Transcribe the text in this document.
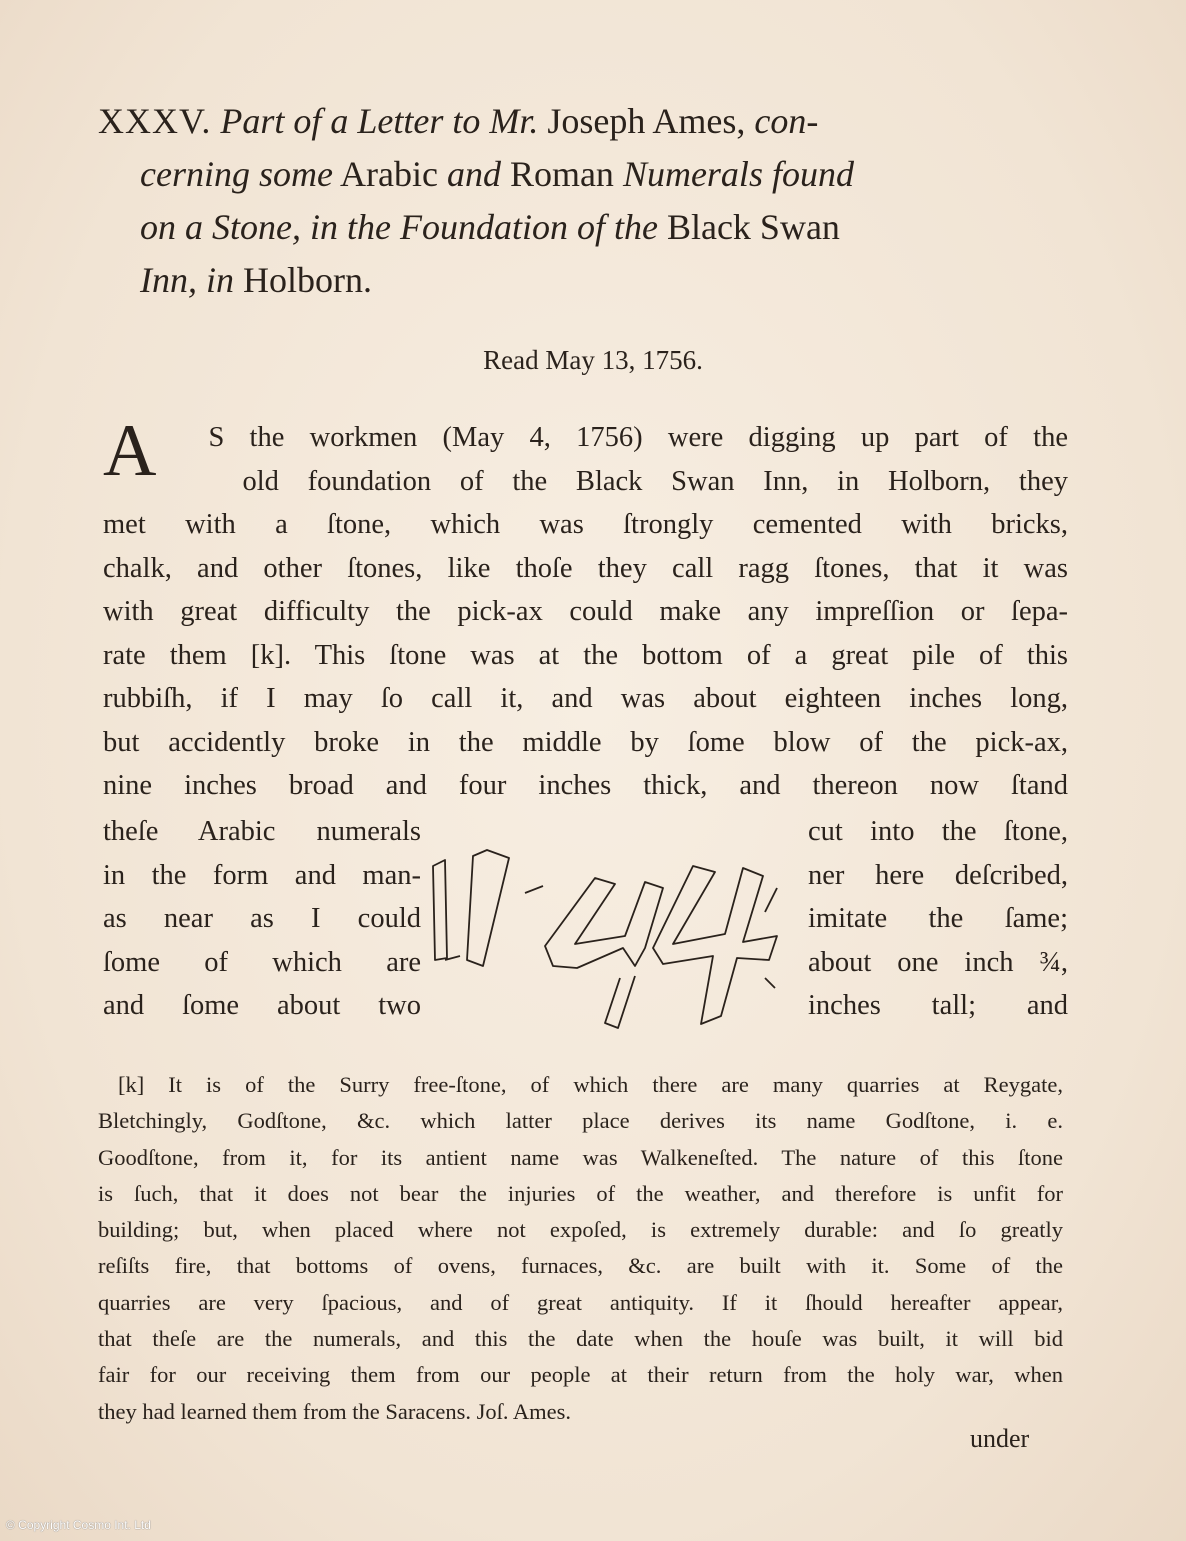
XXXV. Part of a Letter to Mr. Joseph Ames, con-
cerning some Arabic and Roman Numerals found
on a Stone, in the Foundation of the Black Swan
Inn, in Holborn.
Read May 13, 1756.
A S the workmen (May 4, 1756) were digging up part of the
old foundation of the Black Swan Inn, in Holborn, they
met with a ſtone, which was ſtrongly cemented with bricks,
chalk, and other ſtones, like thoſe they call ragg ſtones, that it was
with great difficulty the pick-ax could make any impreſſion or ſepa-
rate them [k]. This ſtone was at the bottom of a great pile of this
rubbiſh, if I may ſo call it, and was about eighteen inches long,
but accidently broke in the middle by ſome blow of the pick-ax,
nine inches broad and four inches thick, and thereon now ſtand
theſe Arabic numerals	cut into the ſtone,
in the form and man-	ner here deſcribed,
as near as I could	imitate the ſame;
ſome of which are	about one inch ¾,
and ſome about two	inches tall; and
[k] It is of the Surry free-ſtone, of which there are many quarries at Reygate,
Bletchingly, Godſtone, &c. which latter place derives its name Godſtone, i. e.
Goodſtone, from it, for its antient name was Walkeneſted. The nature of this ſtone
is ſuch, that it does not bear the injuries of the weather, and therefore is unfit for
building; but, when placed where not expoſed, is extremely durable: and ſo greatly
reſiſts fire, that bottoms of ovens, furnaces, &c. are built with it. Some of the
quarries are very ſpacious, and of great antiquity. If it ſhould hereafter appear,
that theſe are the numerals, and this the date when the houſe was built, it will bid
fair for our receiving them from our people at their return from the holy war, when
they had learned them from the Saracens. Joſ. Ames.
under
© Copyright Cosmo Int. Ltd
